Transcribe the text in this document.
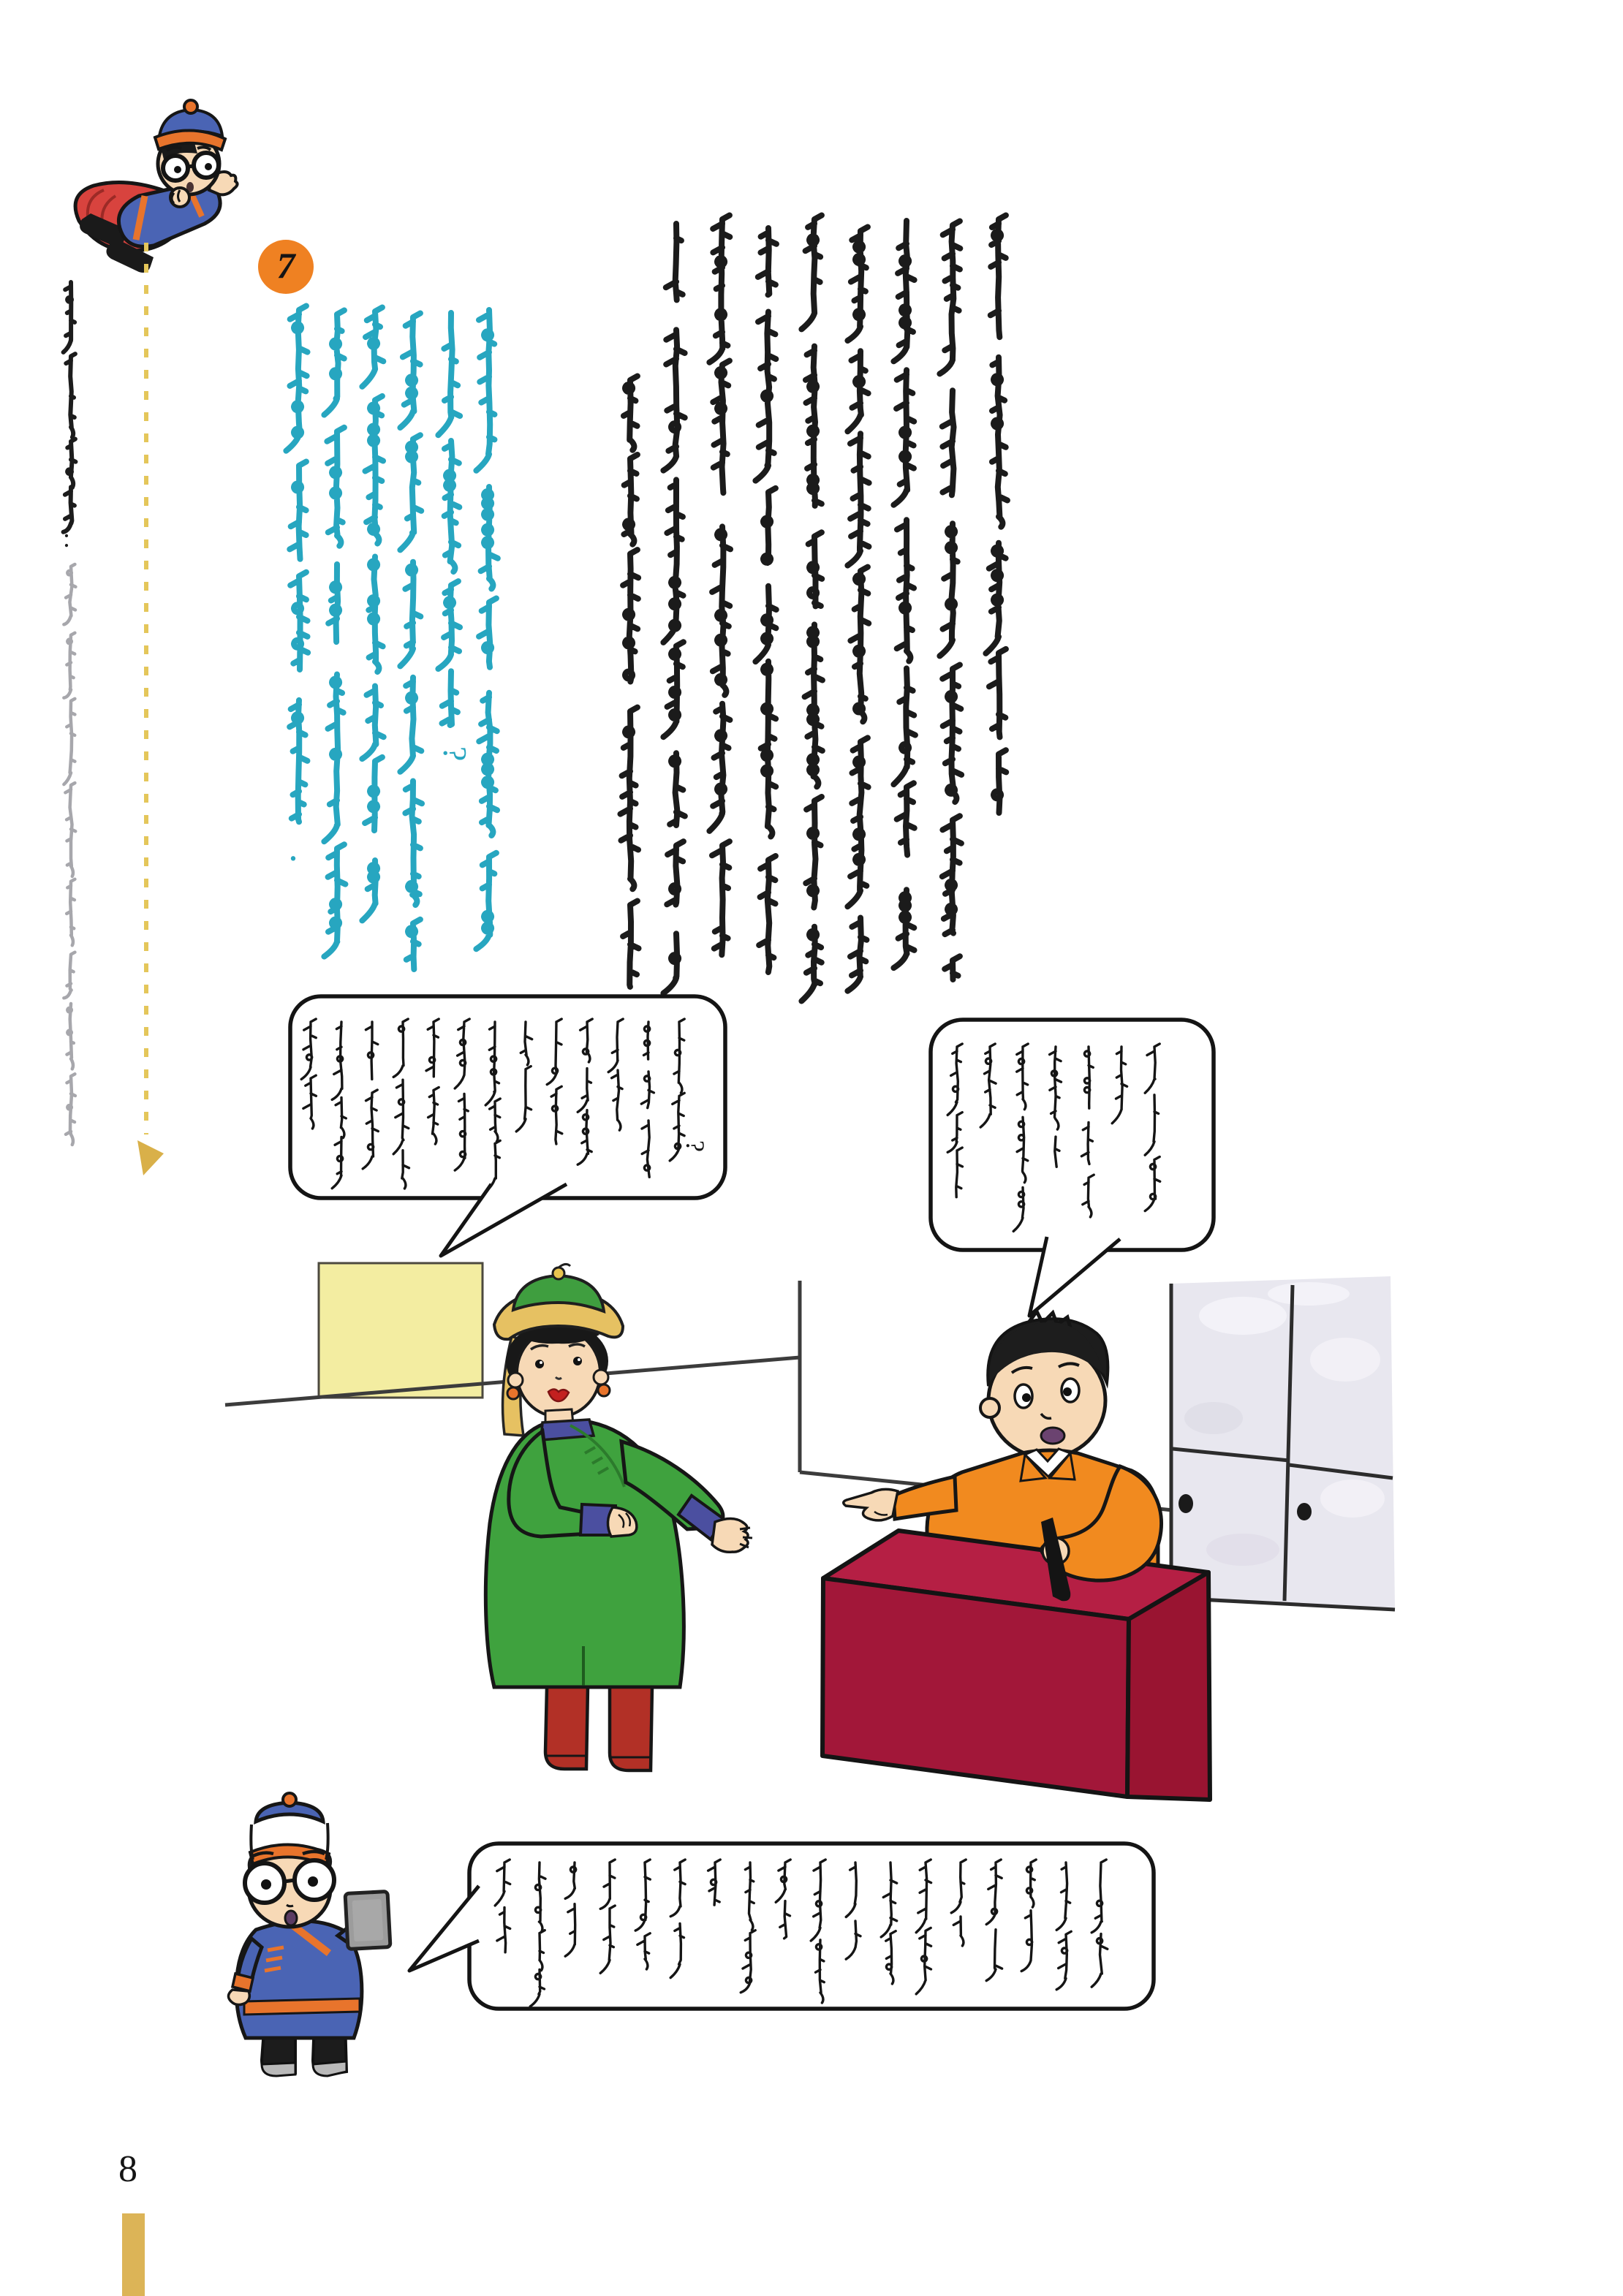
:
?
·
?
7
8
